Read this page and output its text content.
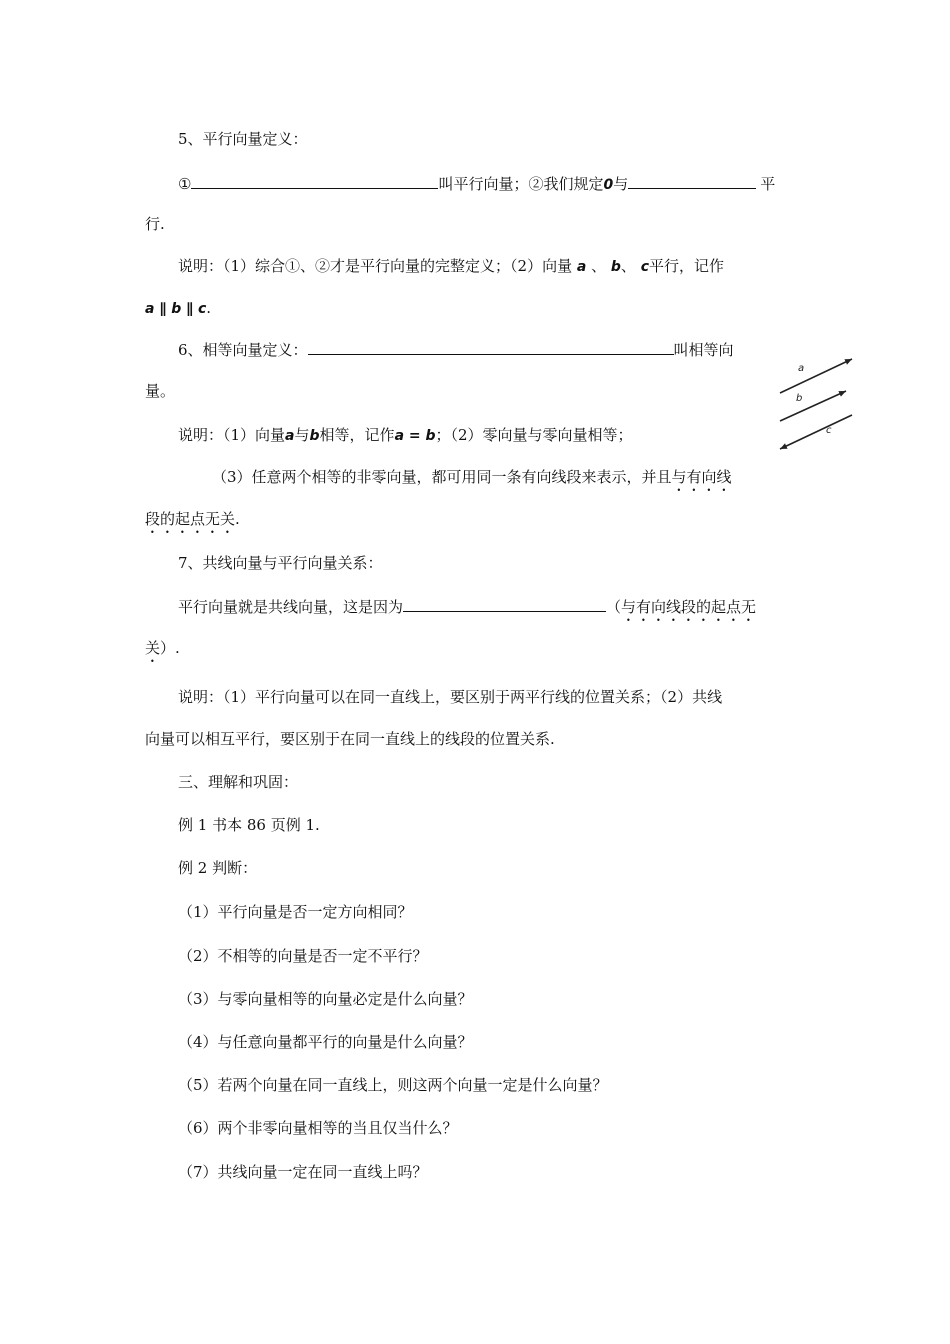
5、平行向量定义：
①	叫平行向量；②我们规定0与	平
行.
说明：（1）综合①、②才是平行向量的完整定义；（2）向量 a 、 b、 c平行，记作
a ∥ b ∥ c.
6、相等向量定义：	叫相等向
量。
a
b
c
说明：（1）向量a与b相等，记作a = b；（2）零向量与零向量相等；
（3）任意两个相等的非零向量，都可用同一条有向线段来表示，并且与有向线
段的起点无关.
7、共线向量与平行向量关系：
平行向量就是共线向量，这是因为	（与有向线段的起点无
关）.
说明：（1）平行向量可以在同一直线上，要区别于两平行线的位置关系；（2）共线
向量可以相互平行，要区别于在同一直线上的线段的位置关系.
三、理解和巩固：
例 1 书本 86 页例 1.
例 2 判断：
（1）平行向量是否一定方向相同？
（2）不相等的向量是否一定不平行？
（3）与零向量相等的向量必定是什么向量？
（4）与任意向量都平行的向量是什么向量？
（5）若两个向量在同一直线上，则这两个向量一定是什么向量？
（6）两个非零向量相等的当且仅当什么？
（7）共线向量一定在同一直线上吗？
